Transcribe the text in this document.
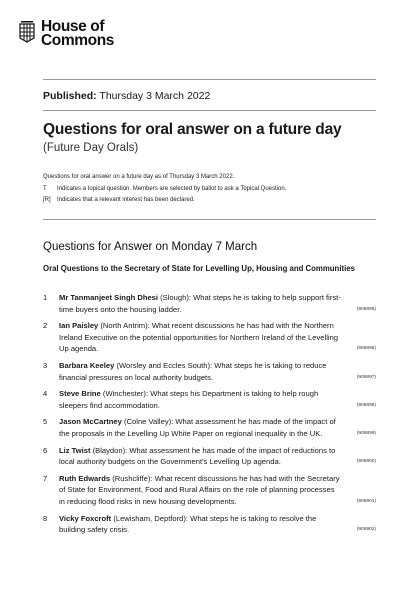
House of
Commons
Published: Thursday 3 March 2022
Questions for oral answer on a future day
(Future Day Orals)
Questions for oral answer on a future day as of Thursday 3 March 2022.
T Indicates a topical question. Members are selected by ballot to ask a Topical Question.
[R] Indicates that a relevant interest has been declared.
Questions for Answer on Monday 7 March
Oral Questions to the Secretary of State for Levelling Up, Housing and Communities
1	Mr Tanmanjeet Singh Dhesi (Slough): What steps he is taking to help support first-time buyers onto the housing ladder.	(905895)
2	Ian Paisley (North Antrim): What recent discussions he has had with the Northern Ireland Executive on the potential opportunities for Northern Ireland of the Levelling Up agenda.	(905896)
3	Barbara Keeley (Worsley and Eccles South): What steps he is taking to reduce financial pressures on local authority budgets.	(905897)
4	Steve Brine (Winchester): What steps his Department is taking to help rough sleepers find accommodation.	(905898)
5	Jason McCartney (Colne Valley): What assessment he has made of the impact of the proposals in the Levelling Up White Paper on regional inequality in the UK.	(905899)
6	Liz Twist (Blaydon): What assessment he has made of the impact of reductions to local authority budgets on the Government's Levelling Up agenda.	(905900)
7	Ruth Edwards (Rushcliffe): What recent discussions he has had with the Secretary of State for Environment, Food and Rural Affairs on the role of planning processes in reducing flood risks in new housing developments.	(905901)
8	Vicky Foxcroft (Lewisham, Deptford): What steps he is taking to resolve the building safety crisis.	(905902)
